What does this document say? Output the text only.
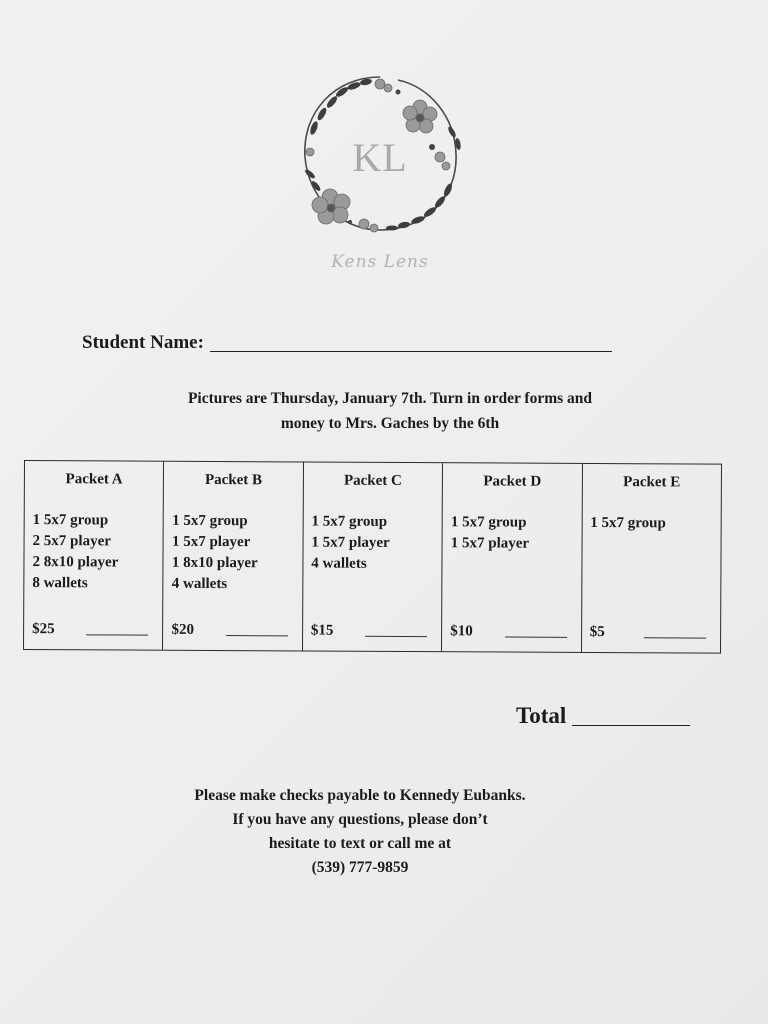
KL
Kens Lens
Student Name:
Pictures are Thursday, January 7th. Turn in order forms and
money to Mrs. Gaches by the 6th
Packet A
1 5x7 group
2 5x7 player
2 8x10 player
8 wallets
$25
Packet B
1 5x7 group
1 5x7 player
1 8x10 player
4 wallets
$20
Packet C
1 5x7 group
1 5x7 player
4 wallets
$15
Packet D
1 5x7 group
1 5x7 player
$10
Packet E
1 5x7 group
$5
Total
Please make checks payable to Kennedy Eubanks.
If you have any questions, please don’t
hesitate to text or call me at
(539) 777-9859
